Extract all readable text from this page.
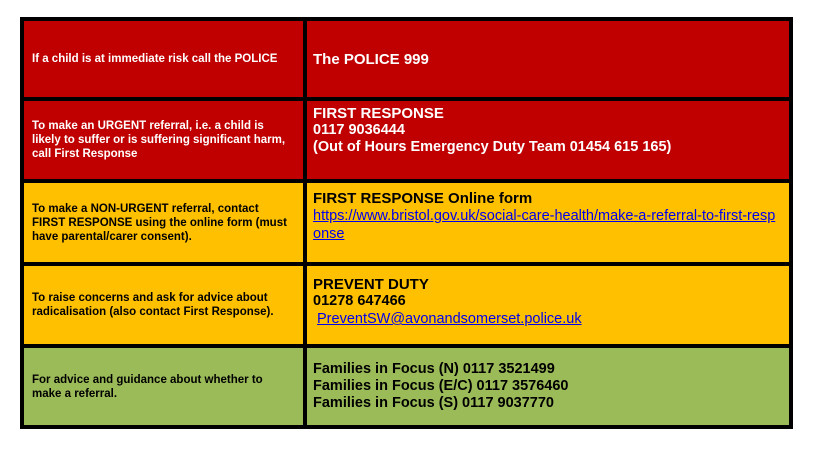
If a child is at immediate risk call the POLICE The POLICE 999
To make an URGENT referral, i.e. a child is likely to suffer or is suffering significant harm, call First Response
FIRST RESPONSE
0117 9036444
(Out of Hours Emergency Duty Team 01454 615 165)
To make a NON-URGENT referral, contact FIRST RESPONSE using the online form (must have parental/carer consent).
FIRST RESPONSE Online form
https://www.bristol.gov.uk/social-care-health/make-a-referral-to-first-response
To raise concerns and ask for advice about radicalisation (also contact First Response).
PREVENT DUTY
01278 647466
PreventSW@avonandsomerset.police.uk
For advice and guidance about whether to make a referral.
Families in Focus (N) 0117 3521499
Families in Focus (E/C) 0117 3576460
Families in Focus (S) 0117 9037770
